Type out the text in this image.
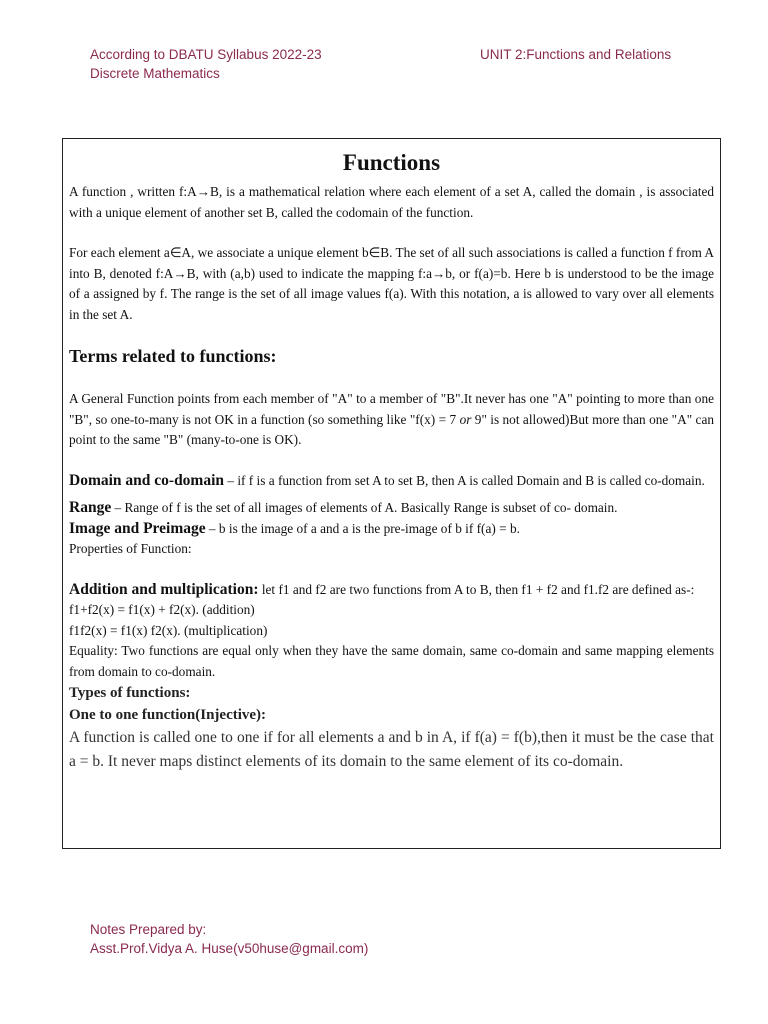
According to DBATU Syllabus 2022-23
Discrete Mathematics
UNIT 2:Functions and Relations
Functions

A function , written f:A→B, is a mathematical relation where each element of a set A, called the domain , is associated with a unique element of another set B, called the codomain of the function.

For each element a∈A, we associate a unique element b∈B. The set of all such associations is called a function f from A into B, denoted f:A→B, with (a,b) used to indicate the mapping f:a→b, or f(a)=b. Here b is understood to be the image of a assigned by f. The range is the set of all image values f(a). With this notation, a is allowed to vary over all elements in the set A.

Terms related to functions:

A General Function points from each member of "A" to a member of "B".It never has one "A" pointing to more than one "B", so one-to-many is not OK in a function (so something like "f(x) = 7 or 9" is not allowed)But more than one "A" can point to the same "B" (many-to-one is OK).

Domain and co-domain – if f is a function from set A to set B, then A is called Domain and B is called co-domain.

Range – Range of f is the set of all images of elements of A. Basically Range is subset of co- domain.

Image and Preimage – b is the image of a and a is the pre-image of b if f(a) = b.

Properties of Function:

Addition and multiplication: let f1 and f2 are two functions from A to B, then f1 + f2 and f1.f2 are defined as-:

f1+f2(x) = f1(x) + f2(x). (addition)

f1f2(x) = f1(x) f2(x). (multiplication)

Equality: Two functions are equal only when they have the same domain, same co-domain and same mapping elements from domain to co-domain.

Types of functions:
One to one function(Injective):

A function is called one to one if for all elements a and b in A, if f(a) = f(b),then it must be the case that a = b. It never maps distinct elements of its domain to the same element of its co-domain.

Notes Prepared by:
Asst.Prof.Vidya A. Huse(v50huse@gmail.com)
